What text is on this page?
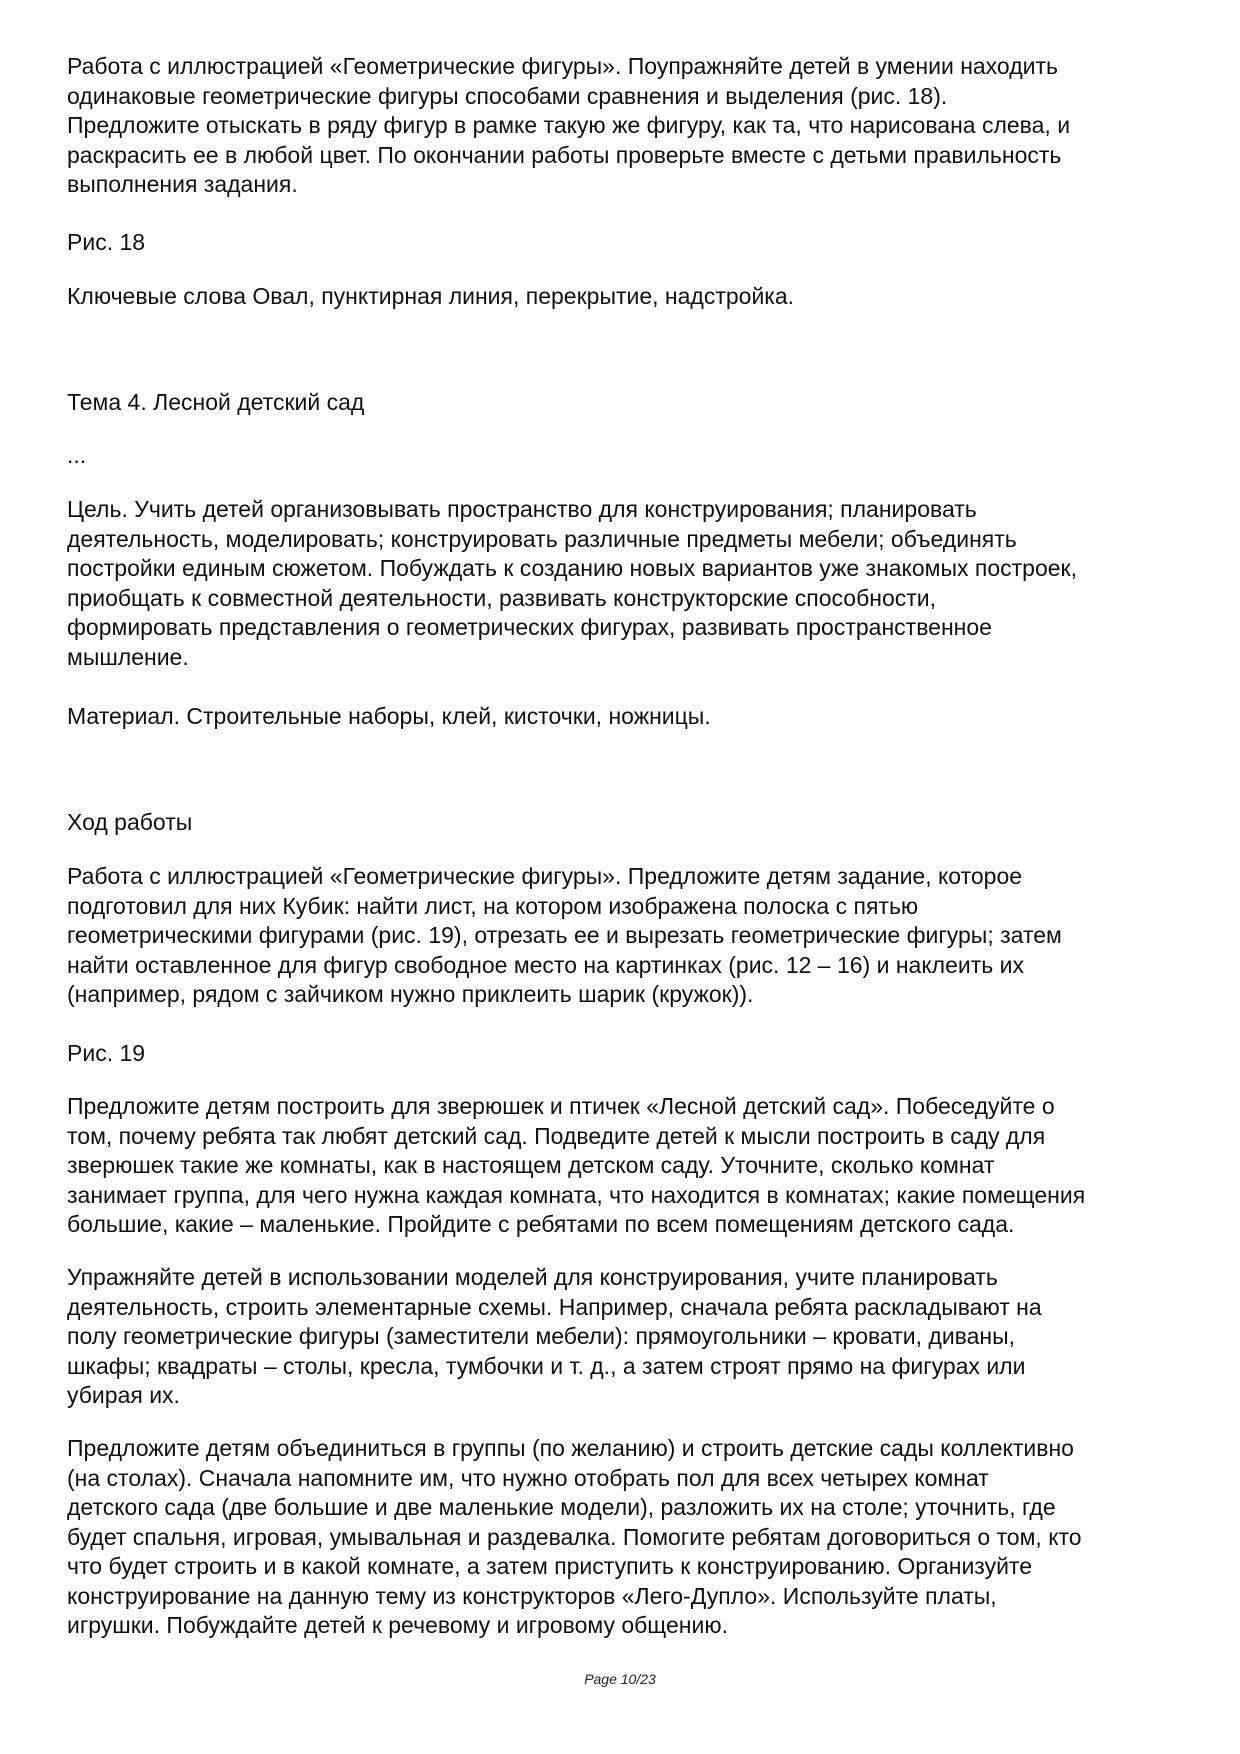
Работа с иллюстрацией «Геометрические фигуры». Поупражняйте детей в умении находить
одинаковые геометрические фигуры способами сравнения и выделения (рис. 18).
Предложите отыскать в ряду фигур в рамке такую же фигуру, как та, что нарисована слева, и
раскрасить ее в любой цвет. По окончании работы проверьте вместе с детьми правильность
выполнения задания.
Рис. 18
Ключевые слова Овал, пунктирная линия, перекрытие, надстройка.
Тема 4. Лесной детский сад
...
Цель. Учить детей организовывать пространство для конструирования; планировать
деятельность, моделировать; конструировать различные предметы мебели; объединять
постройки единым сюжетом. Побуждать к созданию новых вариантов уже знакомых построек,
приобщать к совместной деятельности, развивать конструкторские способности,
формировать представления о геометрических фигурах, развивать пространственное
мышление.
Материал. Строительные наборы, клей, кисточки, ножницы.
Ход работы
Работа с иллюстрацией «Геометрические фигуры». Предложите детям задание, которое
подготовил для них Кубик: найти лист, на котором изображена полоска с пятью
геометрическими фигурами (рис. 19), отрезать ее и вырезать геометрические фигуры; затем
найти оставленное для фигур свободное место на картинках (рис. 12 – 16) и наклеить их
(например, рядом с зайчиком нужно приклеить шарик (кружок)).
Рис. 19
Предложите детям построить для зверюшек и птичек «Лесной детский сад». Побеседуйте о
том, почему ребята так любят детский сад. Подведите детей к мысли построить в саду для
зверюшек такие же комнаты, как в настоящем детском саду. Уточните, сколько комнат
занимает группа, для чего нужна каждая комната, что находится в комнатах; какие помещения
большие, какие – маленькие. Пройдите с ребятами по всем помещениям детского сада.
Упражняйте детей в использовании моделей для конструирования, учите планировать
деятельность, строить элементарные схемы. Например, сначала ребята раскладывают на
полу геометрические фигуры (заместители мебели): прямоугольники – кровати, диваны,
шкафы; квадраты – столы, кресла, тумбочки и т. д., а затем строят прямо на фигурах или
убирая их.
Предложите детям объединиться в группы (по желанию) и строить детские сады коллективно
(на столах). Сначала напомните им, что нужно отобрать пол для всех четырех комнат
детского сада (две большие и две маленькие модели), разложить их на столе; уточнить, где
будет спальня, игровая, умывальная и раздевалка. Помогите ребятам договориться о том, кто
что будет строить и в какой комнате, а затем приступить к конструированию. Организуйте
конструирование на данную тему из конструкторов «Лего-Дупло». Используйте платы,
игрушки. Побуждайте детей к речевому и игровому общению.
Page 10/23
